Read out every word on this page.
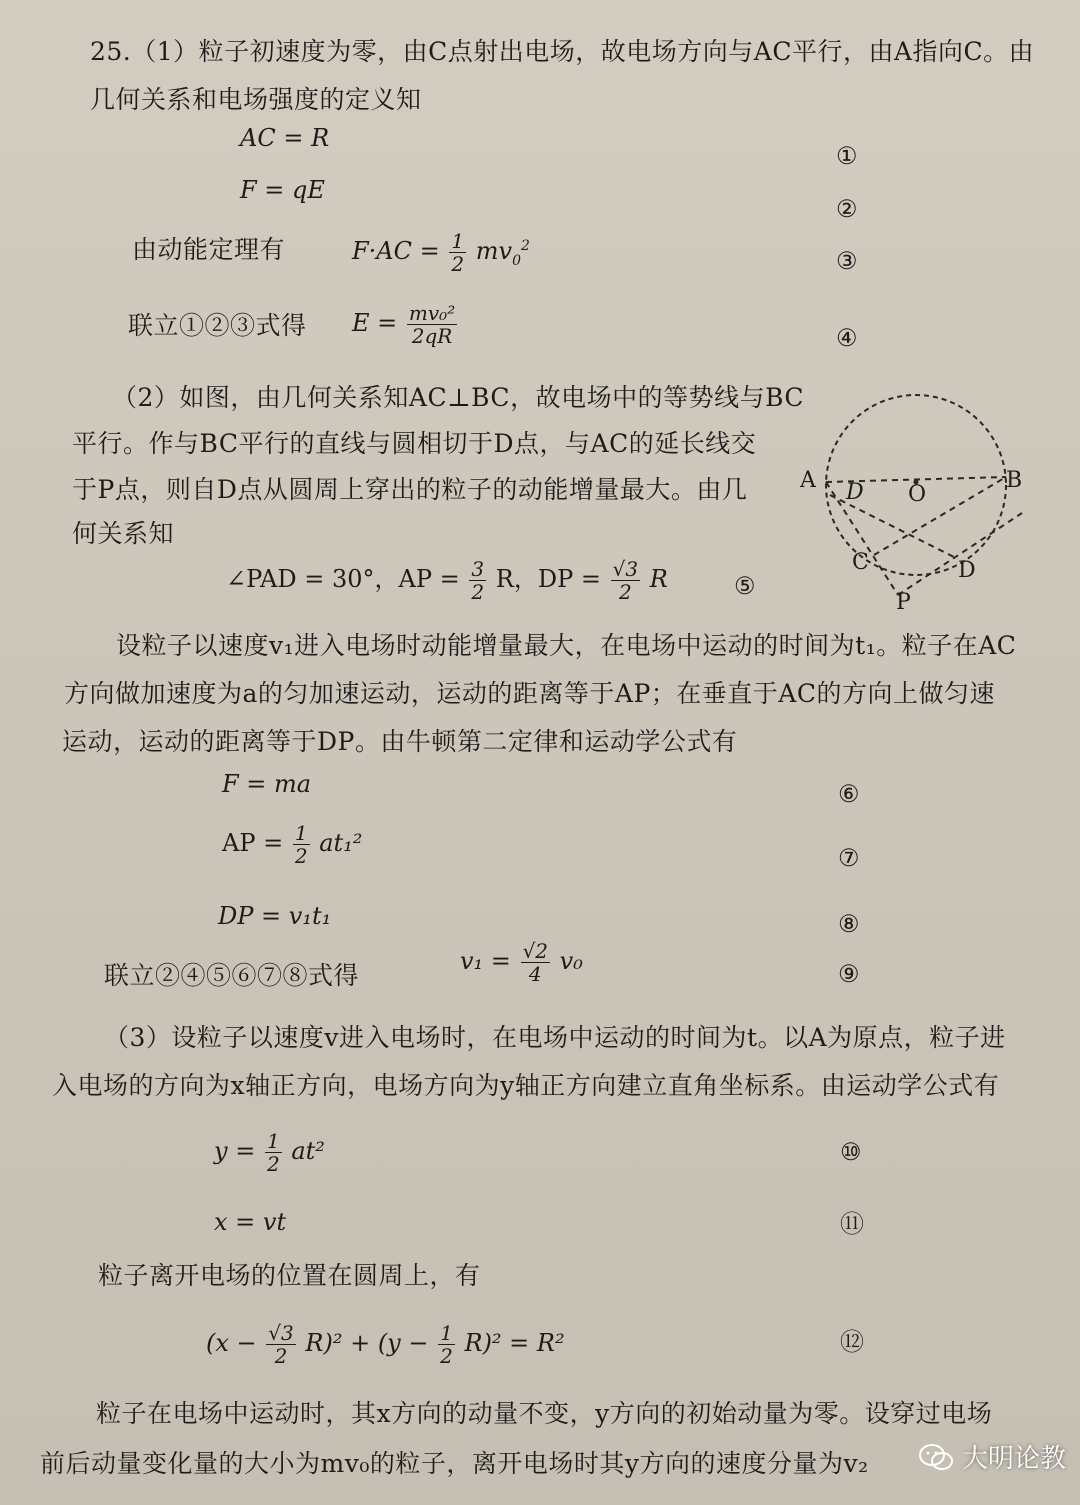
25.（1）粒子初速度为零，由C点射出电场，故电场方向与AC平行，由A指向C。由
几何关系和电场强度的定义知
AC = R
①
F = qE
②
由动能定理有	$F\cdot AC = \frac{1}{2} mv_0^2$
③
联立①②③式得 $E = \frac{\text{mv₀²}}{2qR}$	④
（2）如图，由几何关系知AC⊥BC，故电场中的等势线与BC
平行。作与BC平行的直线与圆相切于D点，与AC的延长线交
于P点，则自D点从圆周上穿出的粒子的动能增量最大。由几
何关系知
∠PAD = 30°，AP = $\frac{3}{2}$ R，DP = $\frac{√3}{2}$ R	⑤
A	B
O
D
C	D
P
设粒子以速度v₁进入电场时动能增量最大，在电场中运动的时间为t₁。粒子在AC
方向做加速度为a的匀加速运动，运动的距离等于AP；在垂直于AC的方向上做匀速
运动，运动的距离等于DP。由牛顿第二定律和运动学公式有
F = ma	⑥
AP = $\frac{1}{2} at_1^2$
⑦
DP = v₁t₁	⑧
联立②④⑤⑥⑦⑧式得	$v_1 = \frac{√2}{4} v_0$	⑨
（3）设粒子以速度v进入电场时，在电场中运动的时间为t。以A为原点，粒子进
入电场的方向为x轴正方向，电场方向为y轴正方向建立直角坐标系。由运动学公式有
$y = \frac{1}{2} at^2$	⑩
x = vt	⑪
粒子离开电场的位置在圆周上，有
$(x - \frac{√3}{2} R)^2 + (y - \frac{1}{2} R)^2 = R^2$	⑫
粒子在电场中运动时，其x方向的动量不变，y方向的初始动量为零。设穿过电场
前后动量变化量的大小为mv₀的粒子，离开电场时其y方向的速度分量为v₂	大明论教
